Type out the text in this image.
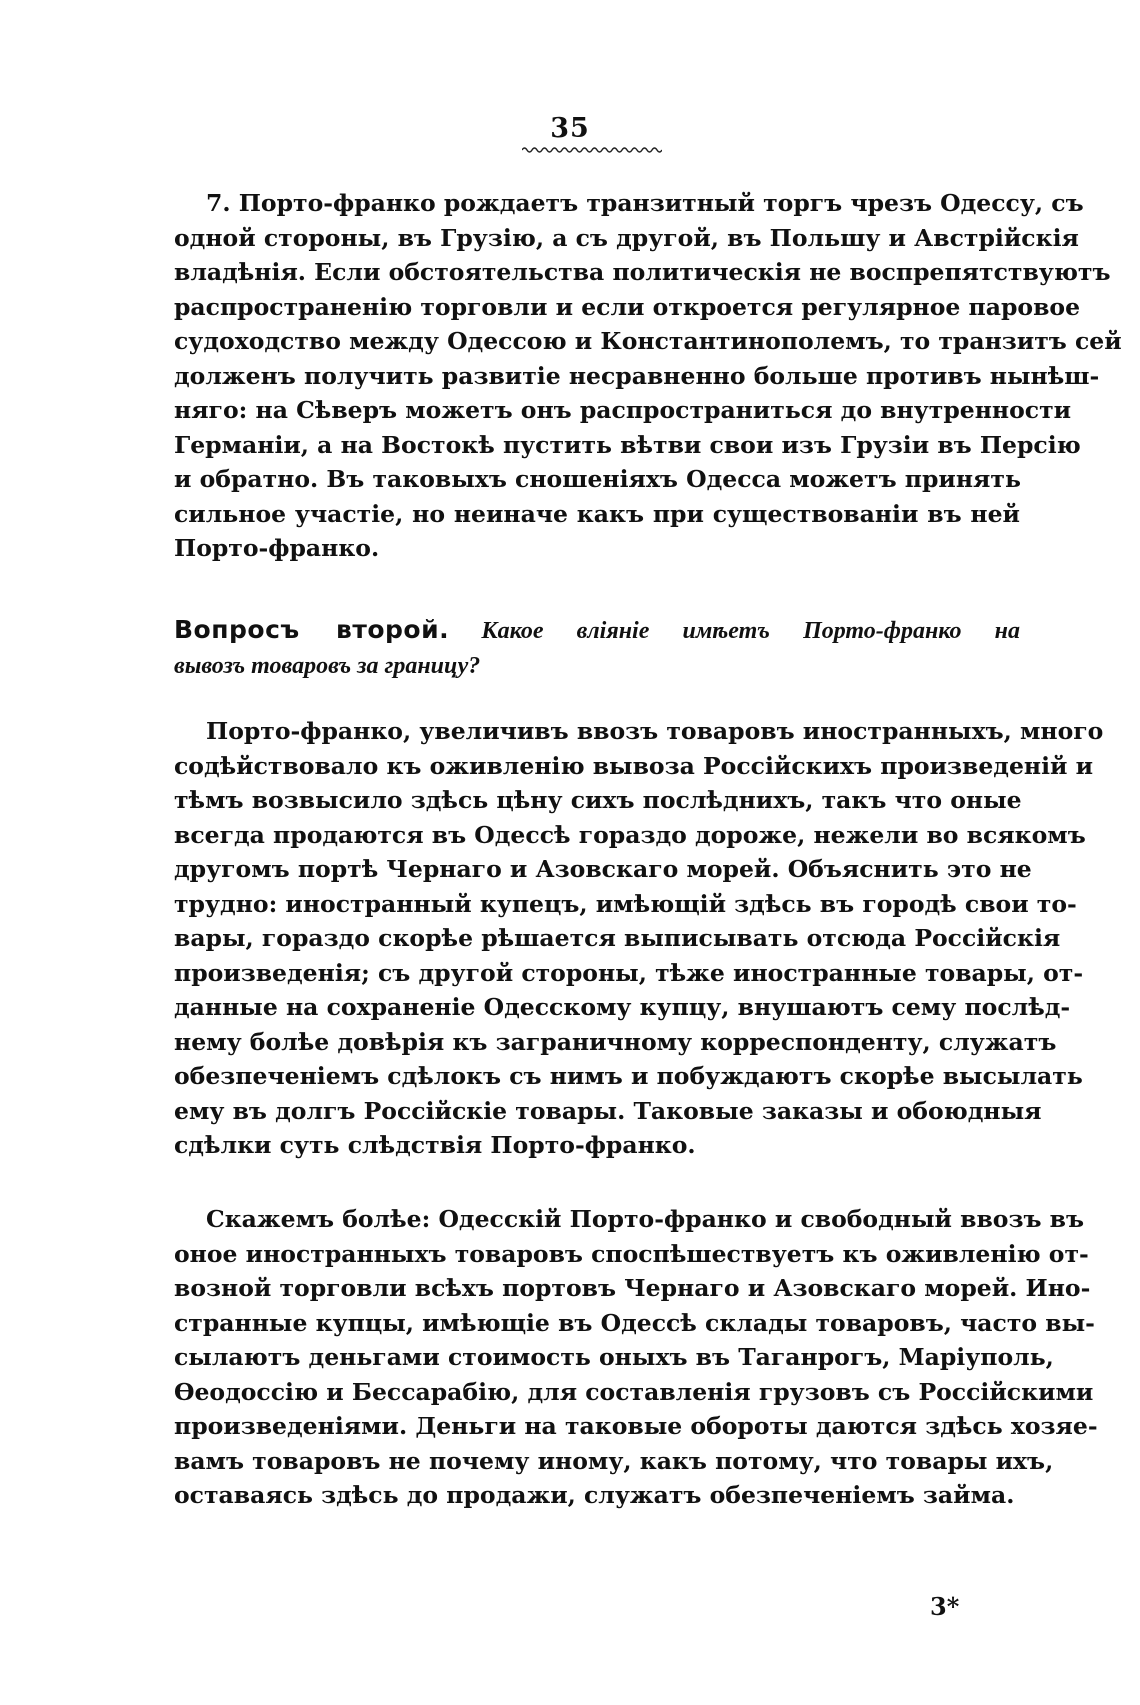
35
7. Порто-франко рождаетъ транзитный торгъ чрезъ Одессу, съ
одной стороны, въ Грузію, а съ другой, въ Польшу и Австрійскія
владѣнія. Если обстоятельства политическія не воспрепятствуютъ
распространенію торговли и если откроется регулярное паровое
судоходство между Одессою и Константинополемъ, то транзитъ сей
долженъ получить развитіе несравненно больше противъ нынѣш-
няго: на Сѣверъ можетъ онъ распространиться до внутренности
Германіи, а на Востокѣ пустить вѣтви свои изъ Грузіи въ Персію
и обратно. Въ таковыхъ сношеніяхъ Одесса можетъ принять
сильное участіе, но неиначе какъ при существованіи въ ней
Порто-франко.
Вопросъ второй. Какое вліяніе имѣетъ Порто-франко на
вывозъ товаровъ за границу?
Порто-франко, увеличивъ ввозъ товаровъ иностранныхъ, много
содѣйствовало къ оживленію вывоза Россійскихъ произведеній и
тѣмъ возвысило здѣсь цѣну сихъ послѣднихъ, такъ что оные
всегда продаются въ Одессѣ гораздо дороже, нежели во всякомъ
другомъ портѣ Чернаго и Азовскаго морей. Объяснить это не
трудно: иностранный купецъ, имѣющій здѣсь въ городѣ свои то-
вары, гораздо скорѣе рѣшается выписывать отсюда Россійскія
произведенія; съ другой стороны, тѣже иностранные товары, от-
данные на сохраненіе Одесскому купцу, внушаютъ сему послѣд-
нему болѣе довѣрія къ заграничному корреспонденту, служатъ
обезпеченіемъ сдѣлокъ съ нимъ и побуждаютъ скорѣе высылать
ему въ долгъ Россійскіе товары. Таковые заказы и обоюдныя
сдѣлки суть слѣдствія Порто-франко.
Скажемъ болѣе: Одесскій Порто-франко и свободный ввозъ въ
оное иностранныхъ товаровъ споспѣшествуетъ къ оживленію от-
возной торговли всѣхъ портовъ Чернаго и Азовскаго морей. Ино-
странные купцы, имѣющіе въ Одессѣ склады товаровъ, часто вы-
сылаютъ деньгами стоимость оныхъ въ Таганрогъ, Маріуполь,
Ѳеодоссію и Бессарабію, для составленія грузовъ съ Россійскими
произведеніями. Деньги на таковые обороты даются здѣсь хозяе-
вамъ товаровъ не почему иному, какъ потому, что товары ихъ,
оставаясь здѣсь до продажи, служатъ обезпеченіемъ займа.
3*
